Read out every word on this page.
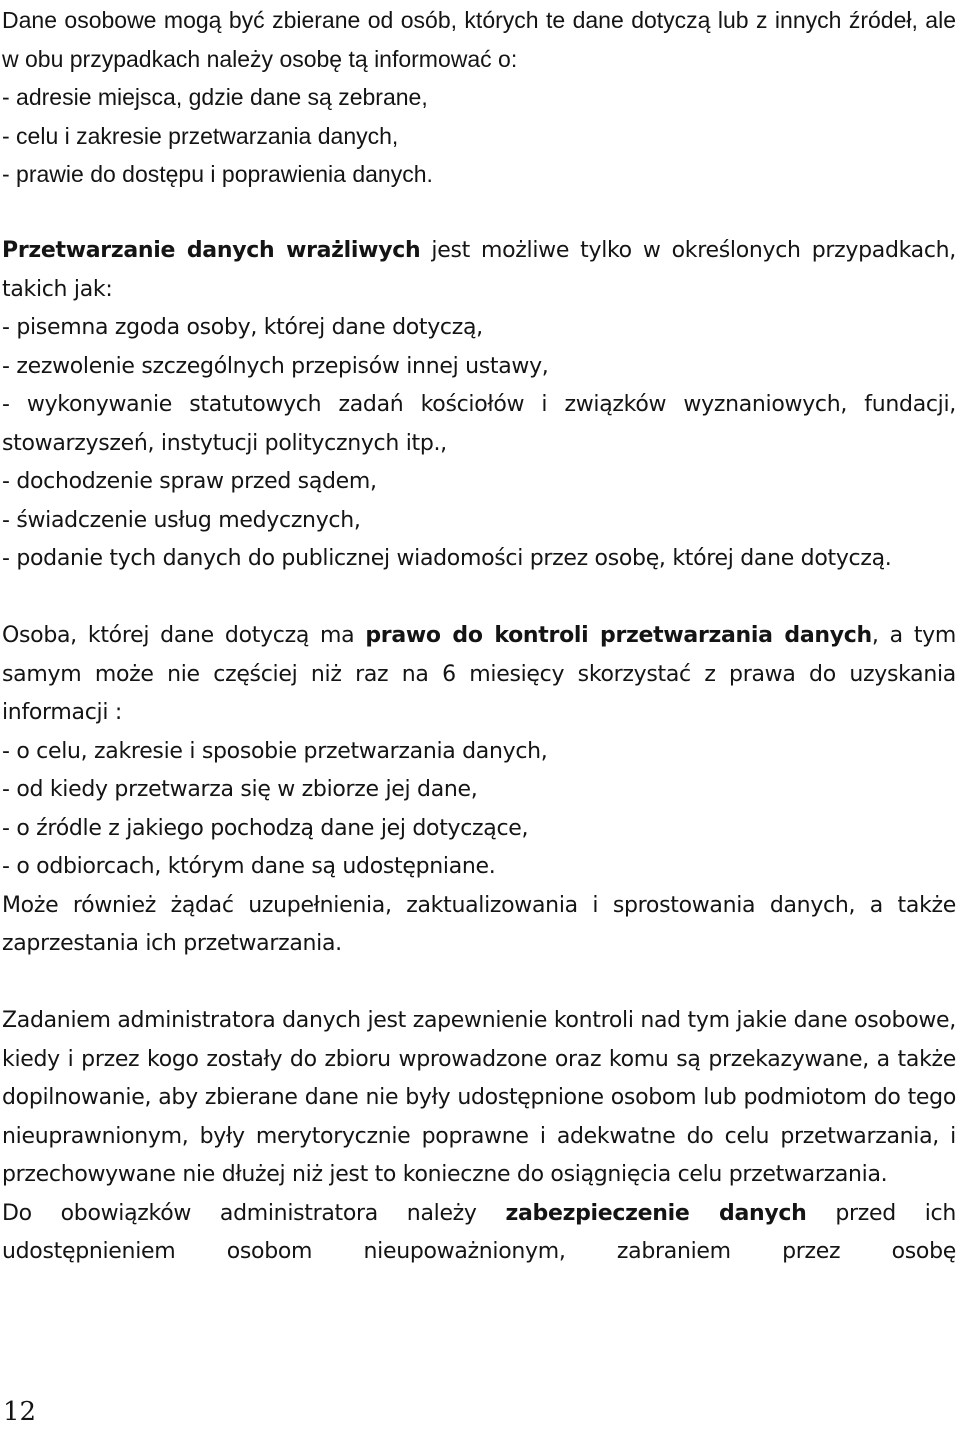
Dane osobowe mogą być zbierane od osób, których te dane dotyczą lub z innych źródeł, ale w obu przypadkach należy osobę tą informować o:

- adresie miejsca, gdzie dane są zebrane,
- celu i zakresie przetwarzania danych,
- prawie do dostępu i poprawienia danych.

Przetwarzanie danych wrażliwych jest możliwe tylko w określonych przypadkach, takich jak:

- pisemna zgoda osoby, której dane dotyczą,

- zezwolenie szczególnych przepisów innej ustawy,

- wykonywanie statutowych zadań kościołów i związków wyznaniowych, fundacji, stowarzyszeń, instytucji politycznych itp.,

- dochodzenie spraw przed sądem,

- świadczenie usług medycznych,

- podanie tych danych do publicznej wiadomości przez osobę, której dane dotyczą.

Osoba, której dane dotyczą ma prawo do kontroli przetwarzania danych, a tym samym może nie częściej niż raz na 6 miesięcy skorzystać z prawa do uzyskania informacji :

- o celu, zakresie i sposobie przetwarzania danych,

- od kiedy przetwarza się w zbiorze jej dane,

- o źródle z jakiego pochodzą dane jej dotyczące,

- o odbiorcach, którym dane są udostępniane.

Może również żądać uzupełnienia, zaktualizowania i sprostowania danych, a także zaprzestania ich przetwarzania.

Zadaniem administratora danych jest zapewnienie kontroli nad tym jakie dane osobowe, kiedy i przez kogo zostały do zbioru wprowadzone oraz komu są przekazywane, a także dopilnowanie, aby zbierane dane nie były udostępnione osobom lub podmiotom do tego nieuprawnionym, były merytorycznie poprawne i adekwatne do celu przetwarzania, i przechowywane nie dłużej niż jest to konieczne do osiągnięcia celu przetwarzania.

Do obowiązków administratora należy zabezpieczenie danych przed ich udostępnieniem osobom nieupoważnionym, zabraniem przez osobę

12
